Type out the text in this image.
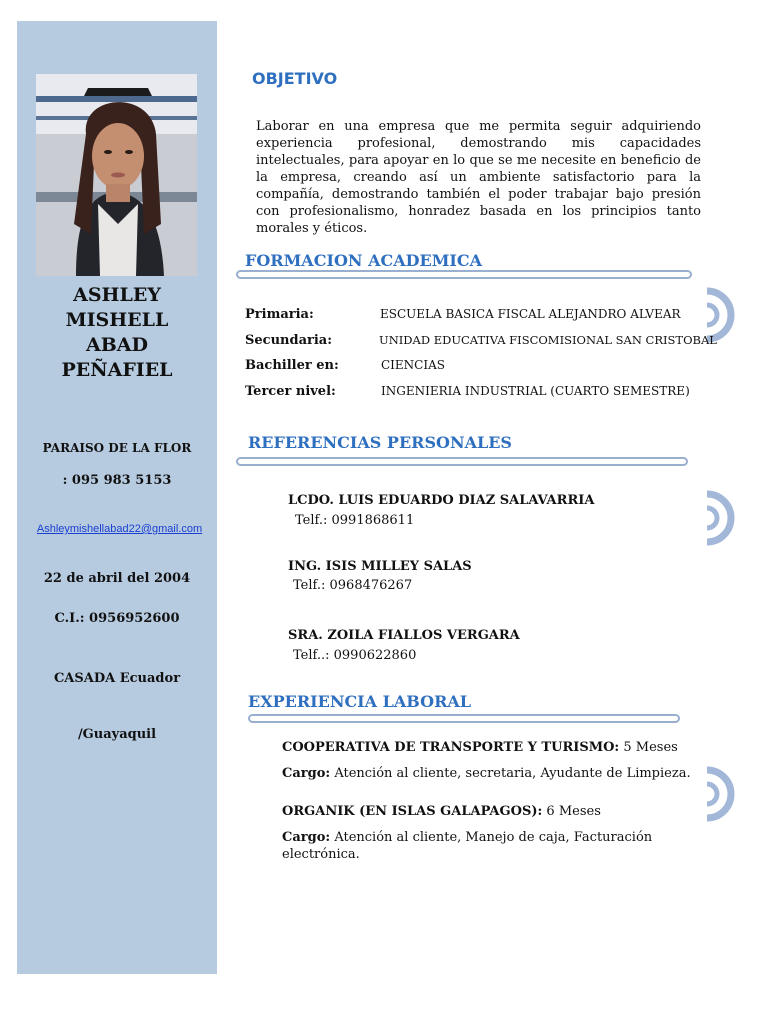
ASHLEY
MISHELL
ABAD
PEÑAFIEL
PARAISO DE LA FLOR
: 095 983 5153
Ashleymishellabad22@gmail.com
22 de abril del 2004
C.I.: 0956952600
CASADA Ecuador
/Guayaquil
OBJETIVO
Laborar en una empresa que me permita seguir adquiriendo experiencia profesional, demostrando mis capacidades intelectuales, para apoyar en lo que se me necesite en beneficio de la empresa, creando así un ambiente satisfactorio para la compañía, demostrando también el poder trabajar bajo presión con profesionalismo, honradez basada en los principios tanto morales y éticos.
FORMACION ACADEMICA
Primaria:	ESCUELA BASICA FISCAL ALEJANDRO ALVEAR
Secundaria:	UNIDAD EDUCATIVA FISCOMISIONAL SAN CRISTOBAL
Bachiller en:	CIENCIAS
Tercer nivel:	INGENIERIA INDUSTRIAL (CUARTO SEMESTRE)
REFERENCIAS PERSONALES
LCDO. LUIS EDUARDO DIAZ SALAVARRIA
Telf.: 0991868611
ING. ISIS MILLEY SALAS
Telf.: 0968476267
SRA. ZOILA FIALLOS VERGARA
Telf..: 0990622860
EXPERIENCIA LABORAL
COOPERATIVA DE TRANSPORTE Y TURISMO: 5 Meses
Cargo: Atención al cliente, secretaria, Ayudante de Limpieza.
ORGANIK (EN ISLAS GALAPAGOS): 6 Meses
Cargo: Atención al cliente, Manejo de caja, Facturación electrónica.
